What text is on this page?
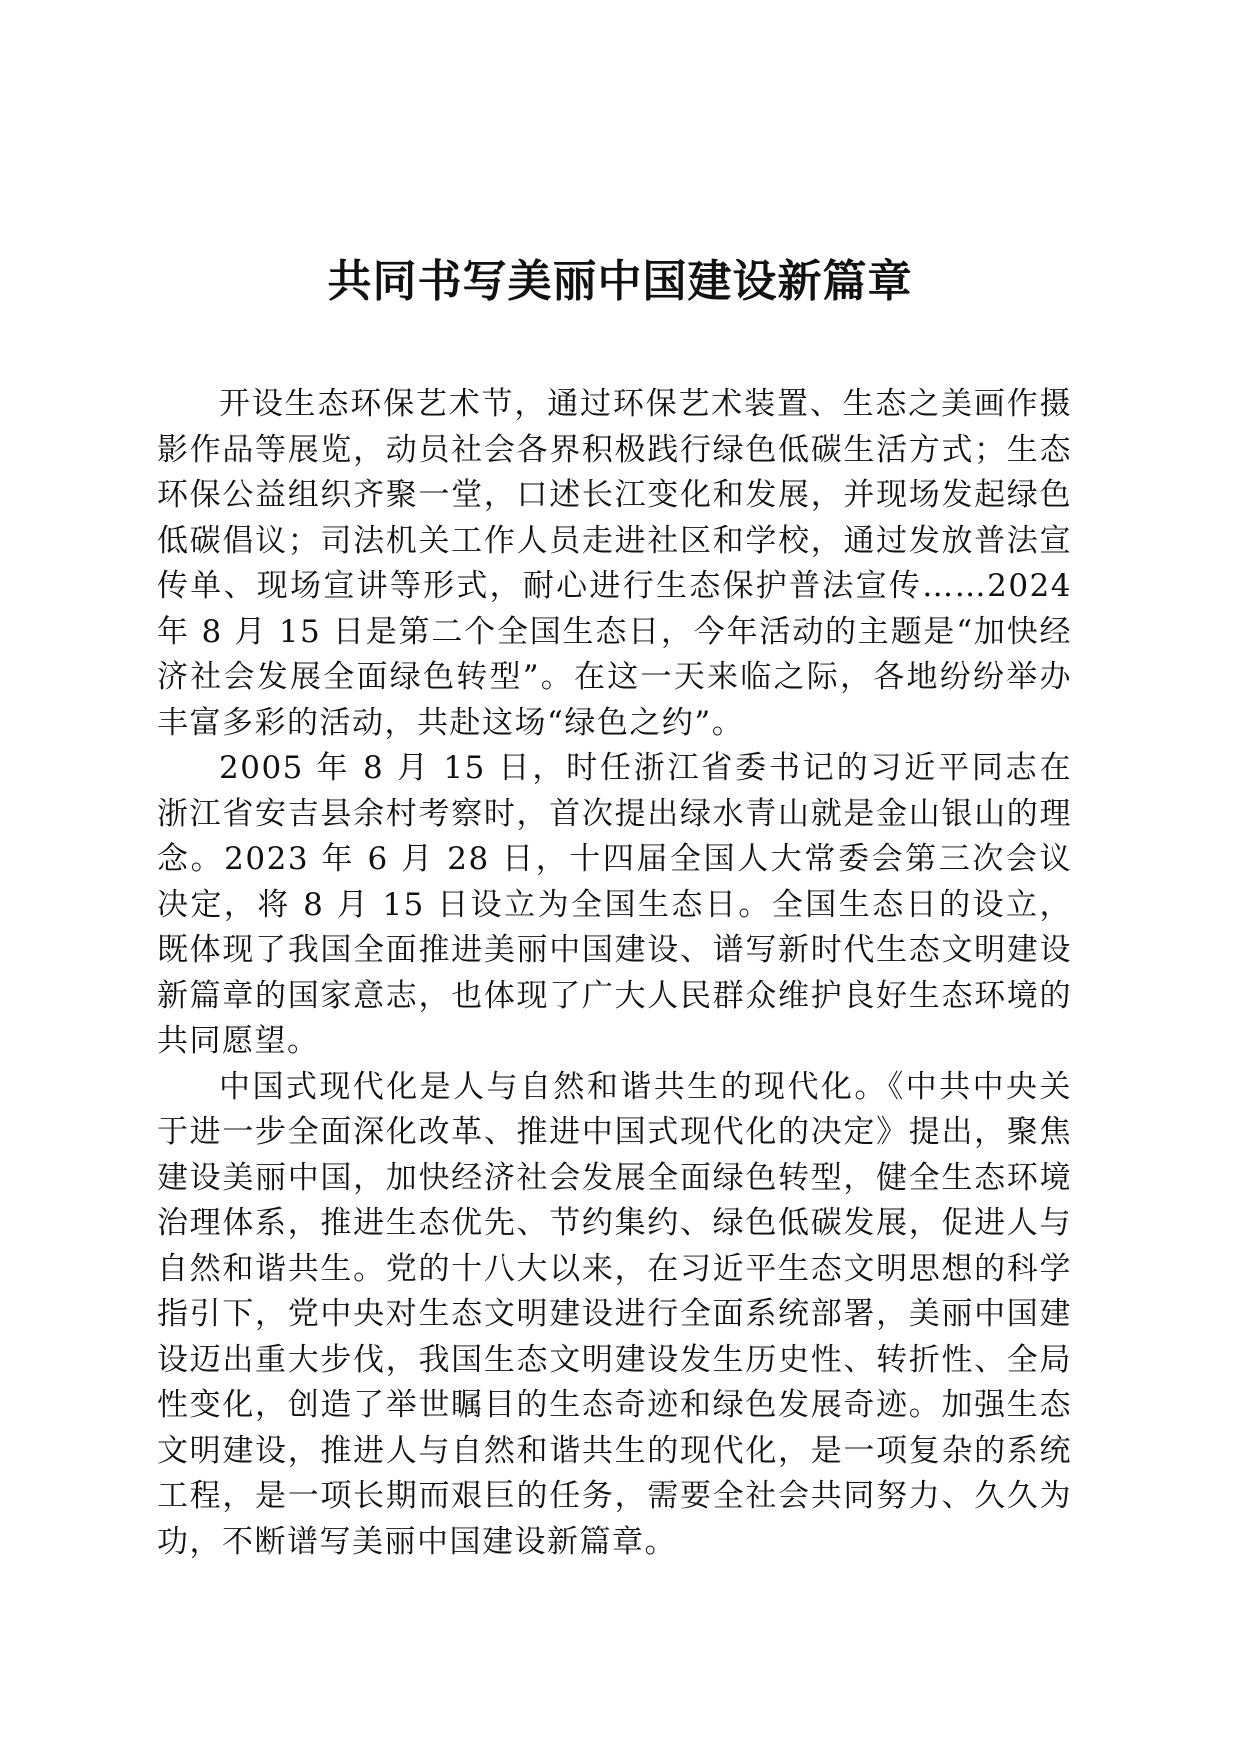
共同书写美丽中国建设新篇章

开设生态环保艺术节，通过环保艺术装置、生态之美画作摄影作品等展览，动员社会各界积极践行绿色低碳生活方式；生态环保公益组织齐聚一堂，口述长江变化和发展，并现场发起绿色低碳倡议；司法机关工作人员走进社区和学校，通过发放普法宣传单、现场宣讲等形式，耐心进行生态保护普法宣传……2024 年 8 月 15 日是第二个全国生态日，今年活动的主题是“加快经济社会发展全面绿色转型”。在这一天来临之际，各地纷纷举办丰富多彩的活动，共赴这场“绿色之约”。

2005 年 8 月 15 日，时任浙江省委书记的习近平同志在浙江省安吉县余村考察时，首次提出绿水青山就是金山银山的理念。2023 年 6 月 28 日，十四届全国人大常委会第三次会议决定，将 8 月 15 日设立为全国生态日。全国生态日的设立，既体现了我国全面推进美丽中国建设、谱写新时代生态文明建设新篇章的国家意志，也体现了广大人民群众维护良好生态环境的共同愿望。

中国式现代化是人与自然和谐共生的现代化。《中共中央关于进一步全面深化改革、推进中国式现代化的决定》提出，聚焦建设美丽中国，加快经济社会发展全面绿色转型，健全生态环境治理体系，推进生态优先、节约集约、绿色低碳发展，促进人与自然和谐共生。党的十八大以来，在习近平生态文明思想的科学指引下，党中央对生态文明建设进行全面系统部署，美丽中国建设迈出重大步伐，我国生态文明建设发生历史性、转折性、全局性变化，创造了举世瞩目的生态奇迹和绿色发展奇迹。加强生态文明建设，推进人与自然和谐共生的现代化，是一项复杂的系统工程，是一项长期而艰巨的任务，需要全社会共同努力、久久为功，不断谱写美丽中国建设新篇章。
